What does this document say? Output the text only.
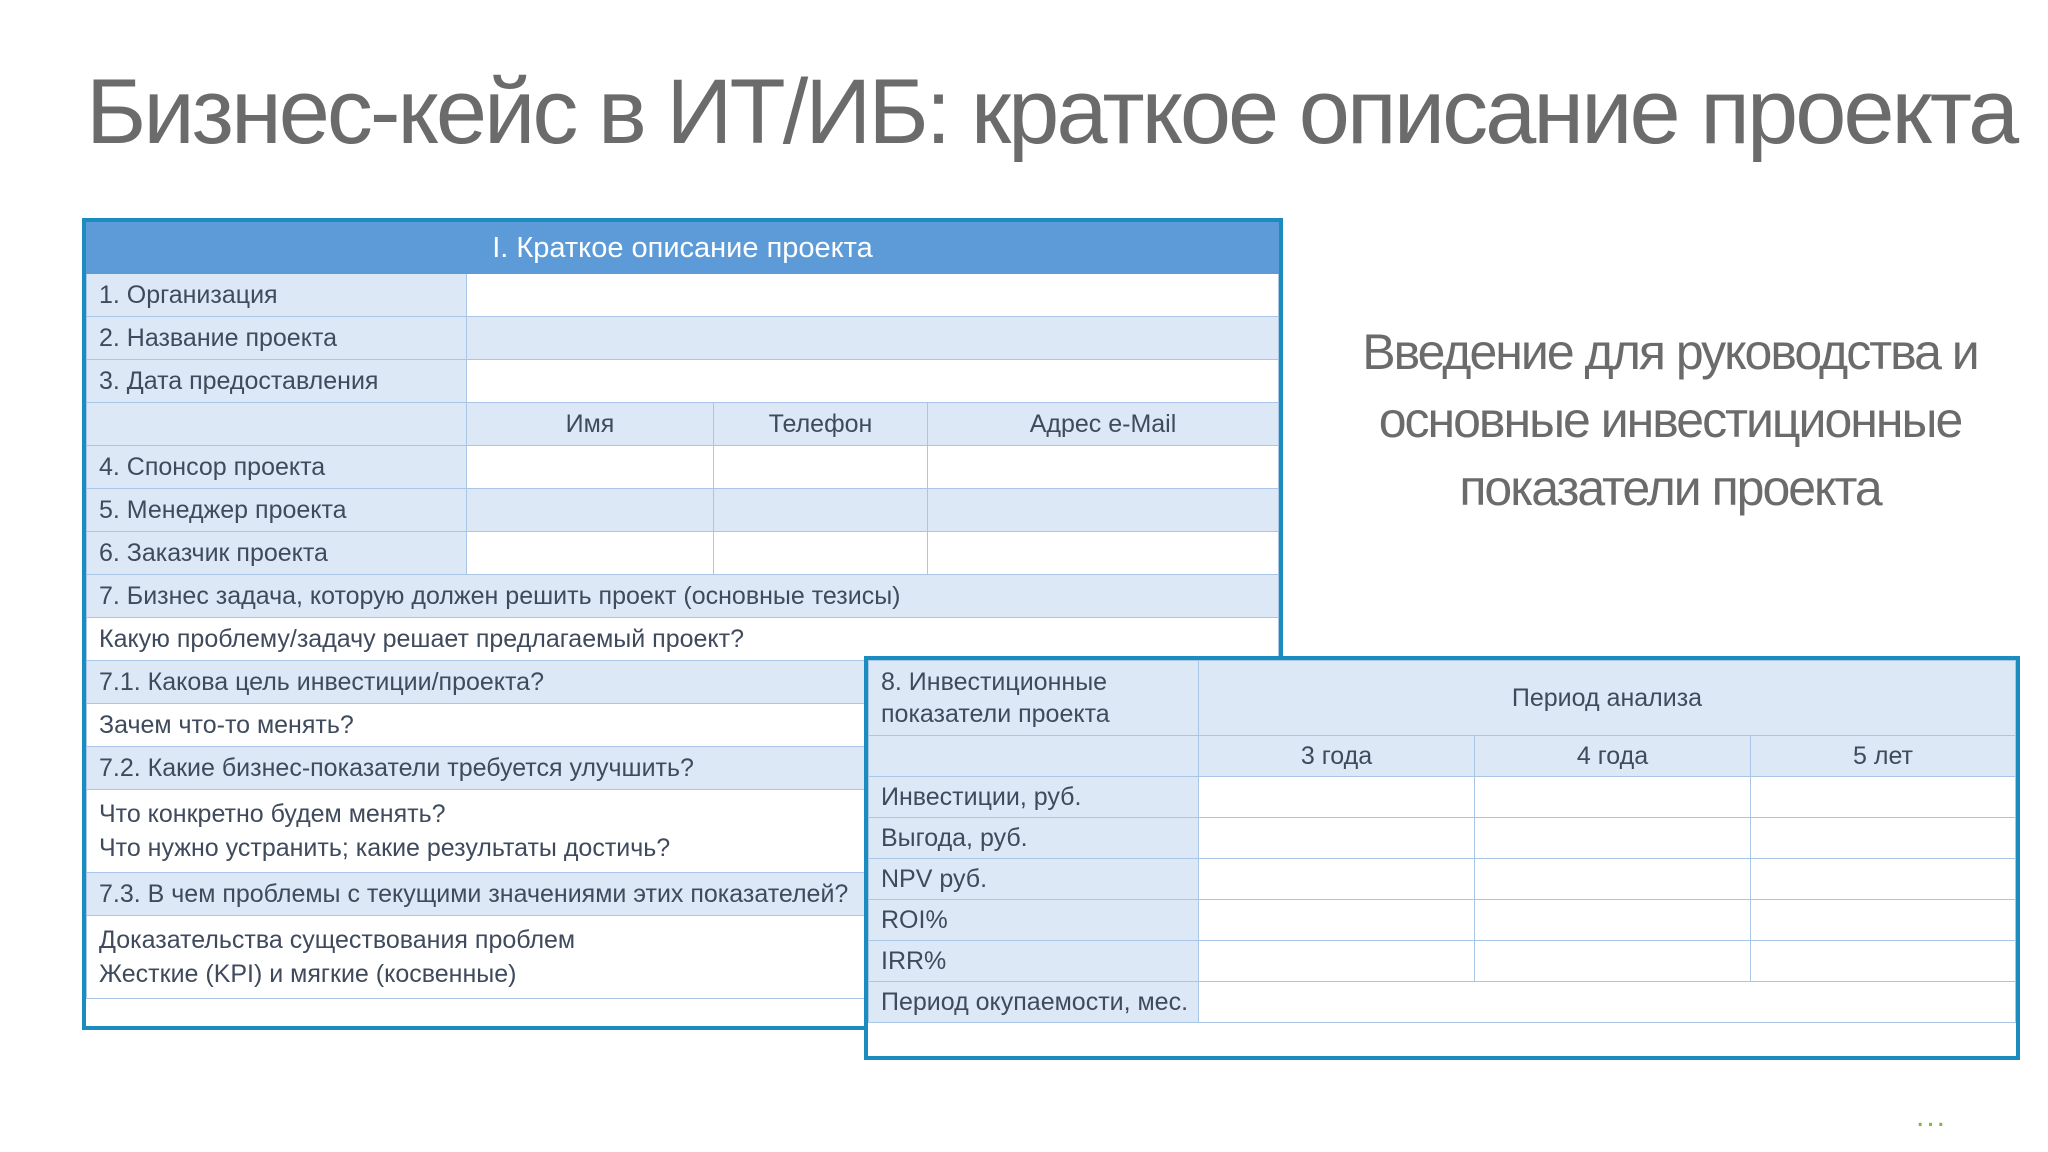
Бизнес-кейс в ИТ/ИБ: краткое описание проекта
Введение для руководства и
основные инвестиционные
показатели проекта
I. Краткое описание проекта			
1. Организация			
2. Название проекта			
3. Дата предоставления			
	Имя	Телефон	Адрес e-Mail
4. Спонсор проекта			
5. Менеджер проекта			
6. Заказчик проекта			
7. Бизнес задача, которую должен решить проект (основные тезисы)			
Какую проблему/задачу решает предлагаемый проект?			
7.1. Какова цель инвестиции/проекта?			
Зачем что-то менять?			
7.2. Какие бизнес-показатели требуется улучшить?			

Что конкретно будем менять?
Что нужно устранить; какие результаты достичь?			

7.3. В чем проблемы с текущими значениями этих показателей?			

Доказательства существования проблем
Жесткие (KPI) и мягкие (косвенные)			
8. Инвестиционные
показатели проекта	Период анализа		
	3 года	4 года	5 лет
Инвестиции, руб.			
Выгода, руб.			
NPV руб.			
ROI%			
IRR%			
Период окупаемости, мес.			
...
